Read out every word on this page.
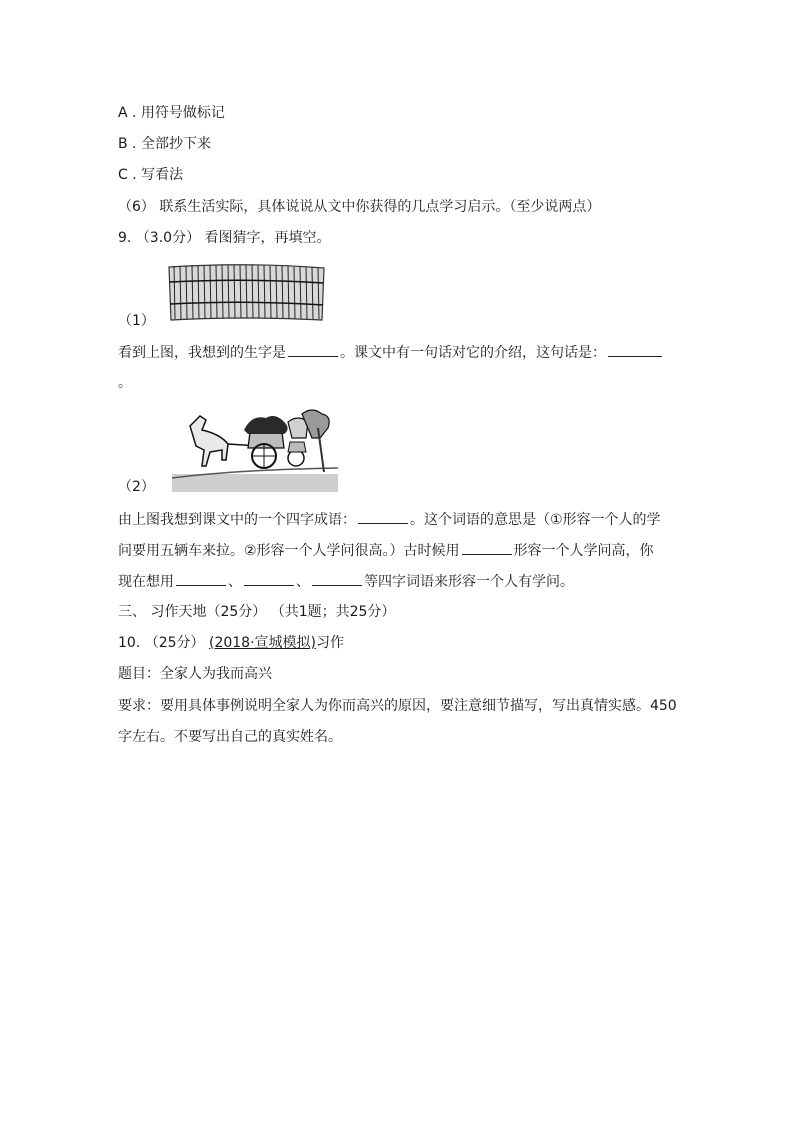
A . 用符号做标记
B . 全部抄下来
C . 写看法
（6） 联系生活实际，具体说说从文中你获得的几点学习启示。（至少说两点）
9. （3.0分） 看图猜字，再填空。
（1）
看到上图，我想到的生字是	。课文中有一句话对它的介绍，这句话是：
。
（2）
由上图我想到课文中的一个四字成语：	。这个词语的意思是（①形容一个人的学
问要用五辆车来拉。②形容一个人学问很高。）古时候用	形容一个人学问高，你
现在想用	、	、	等四字词语来形容一个人有学问。
三、 习作天地（25分） （共1题；共25分）
10. （25分） (2018·宣城模拟)习作
题目：全家人为我而高兴
要求：要用具体事例说明全家人为你而高兴的原因，要注意细节描写，写出真情实感。450
字左右。不要写出自己的真实姓名。
